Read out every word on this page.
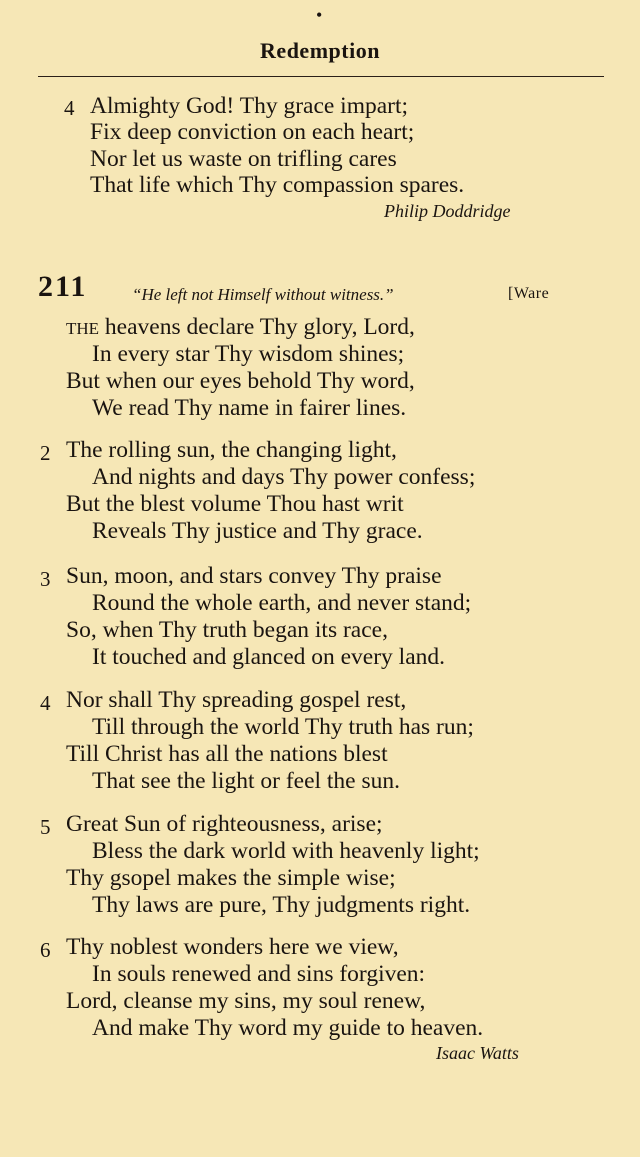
•
Redemption
4 Almighty God! Thy grace impart;
Fix deep conviction on each heart;
Nor let us waste on trifling cares
That life which Thy compassion spares.
Philip Doddridge
211	“He left not Himself without witness.”	[Ware
THE heavens declare Thy glory, Lord,
In every star Thy wisdom shines;
But when our eyes behold Thy word,
We read Thy name in fairer lines.
2 The rolling sun, the changing light,
And nights and days Thy power confess;
But the blest volume Thou hast writ
Reveals Thy justice and Thy grace.
3 Sun, moon, and stars convey Thy praise
Round the whole earth, and never stand;
So, when Thy truth began its race,
It touched and glanced on every land.
4 Nor shall Thy spreading gospel rest,
Till through the world Thy truth has run;
Till Christ has all the nations blest
That see the light or feel the sun.
5 Great Sun of righteousness, arise;
Bless the dark world with heavenly light;
Thy gsopel makes the simple wise;
Thy laws are pure, Thy judgments right.
6 Thy noblest wonders here we view,
In souls renewed and sins forgiven:
Lord, cleanse my sins, my soul renew,
And make Thy word my guide to heaven.
Isaac Watts
